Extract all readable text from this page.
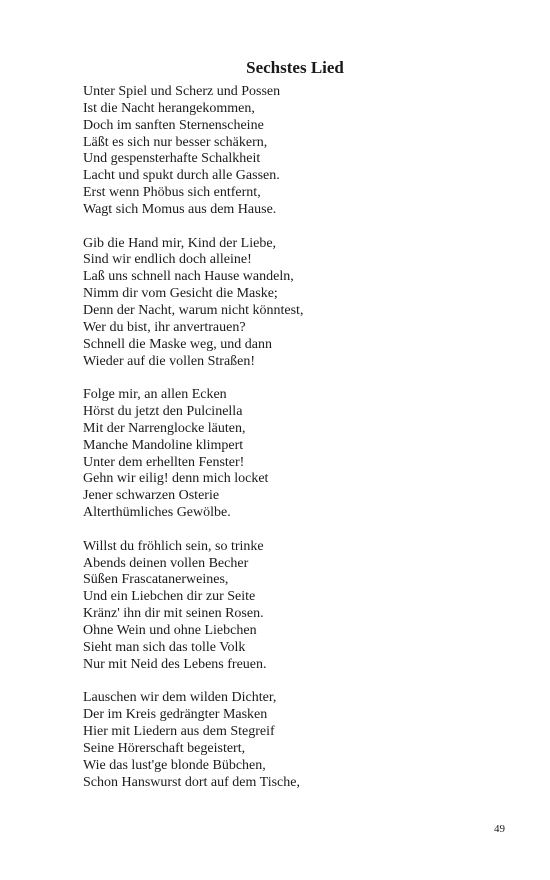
Sechstes Lied
Unter Spiel und Scherz und Possen
Ist die Nacht herangekommen,
Doch im sanften Sternenscheine
Läßt es sich nur besser schäkern,
Und gespensterhafte Schalkheit
Lacht und spukt durch alle Gassen.
Erst wenn Phöbus sich entfernt,
Wagt sich Momus aus dem Hause.
Gib die Hand mir, Kind der Liebe,
Sind wir endlich doch alleine!
Laß uns schnell nach Hause wandeln,
Nimm dir vom Gesicht die Maske;
Denn der Nacht, warum nicht könntest,
Wer du bist, ihr anvertrauen?
Schnell die Maske weg, und dann
Wieder auf die vollen Straßen!
Folge mir, an allen Ecken
Hörst du jetzt den Pulcinella
Mit der Narrenglocke läuten,
Manche Mandoline klimpert
Unter dem erhellten Fenster!
Gehn wir eilig! denn mich locket
Jener schwarzen Osterie
Alterthümliches Gewölbe.
Willst du fröhlich sein, so trinke
Abends deinen vollen Becher
Süßen Frascatanerweines,
Und ein Liebchen dir zur Seite
Kränz' ihn dir mit seinen Rosen.
Ohne Wein und ohne Liebchen
Sieht man sich das tolle Volk
Nur mit Neid des Lebens freuen.
Lauschen wir dem wilden Dichter,
Der im Kreis gedrängter Masken
Hier mit Liedern aus dem Stegreif
Seine Hörerschaft begeistert,
Wie das lust'ge blonde Bübchen,
Schon Hanswurst dort auf dem Tische,
49
